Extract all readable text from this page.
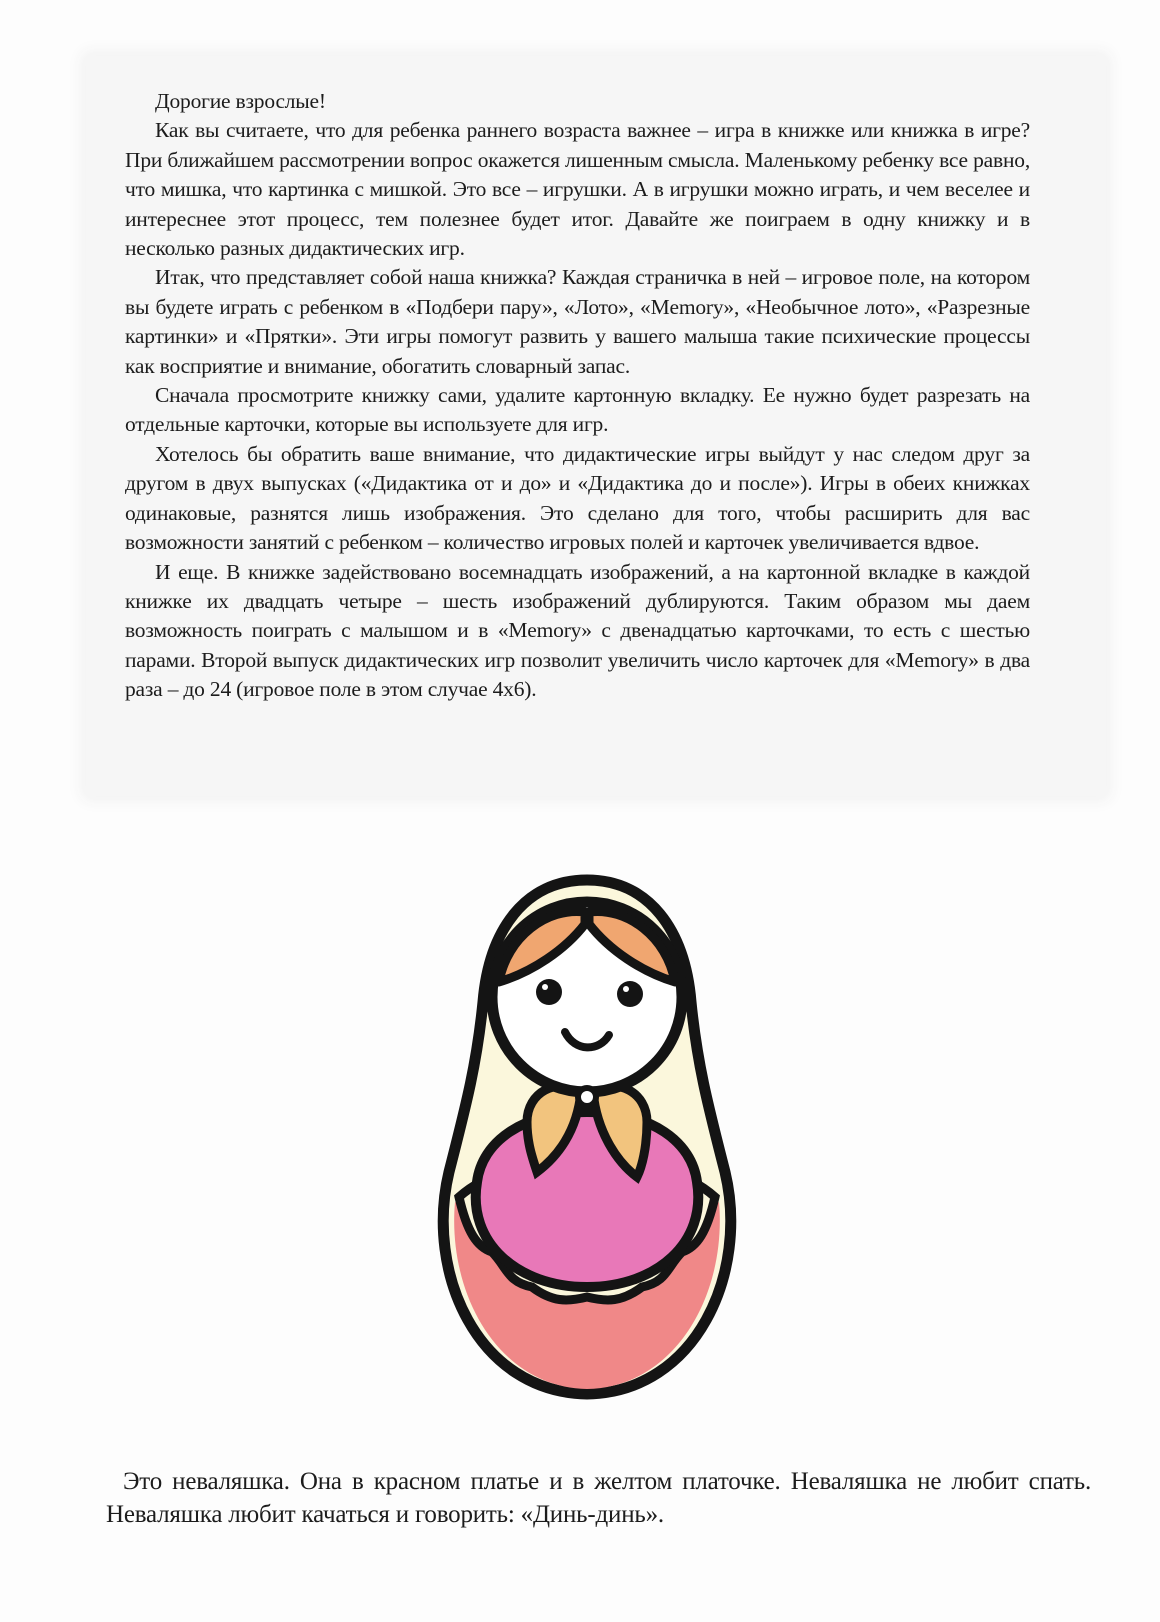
Дорогие взрослые!

Как вы считаете, что для ребенка раннего возраста важнее – игра в книжке или книжка в игре? При ближайшем рассмотрении вопрос окажется лишенным смысла. Маленькому ребенку все равно, что мишка, что картинка с мишкой. Это все – игрушки. А в игрушки можно играть, и чем веселее и интереснее этот процесс, тем полезнее будет итог. Давайте же поиграем в одну книжку и в несколько разных дидактических игр.

Итак, что представляет собой наша книжка? Каждая страничка в ней – игровое поле, на котором вы будете играть с ребенком в «Подбери пару», «Лото», «Memory», «Необычное лото», «Разрезные картинки» и «Прятки». Эти игры помогут развить у вашего малыша такие психические процессы как восприятие и внимание, обогатить словарный запас.

Сначала просмотрите книжку сами, удалите картонную вкладку. Ее нужно будет разрезать на отдельные карточки, которые вы используете для игр.

Хотелось бы обратить ваше внимание, что дидактические игры выйдут у нас следом друг за другом в двух выпусках («Дидактика от и до» и «Дидактика до и после»). Игры в обеих книжках одинаковые, разнятся лишь изображения. Это сделано для того, чтобы расширить для вас возможности занятий с ребенком – количество игровых полей и карточек увеличивается вдвое.

И еще. В книжке задействовано восемнадцать изображений, а на картонной вкладке в каждой книжке их двадцать четыре – шесть изображений дублируются. Таким образом мы даем возможность поиграть с малышом и в «Memory» с двенадцатью карточками, то есть с шестью парами. Второй выпуск дидактических игр позволит увеличить число карточек для «Memory» в два раза – до 24 (игровое поле в этом случае 4x6).

Это неваляшка. Она в красном платье и в желтом платочке. Неваляшка не любит спать. Неваляшка любит качаться и говорить: «Динь-динь».
